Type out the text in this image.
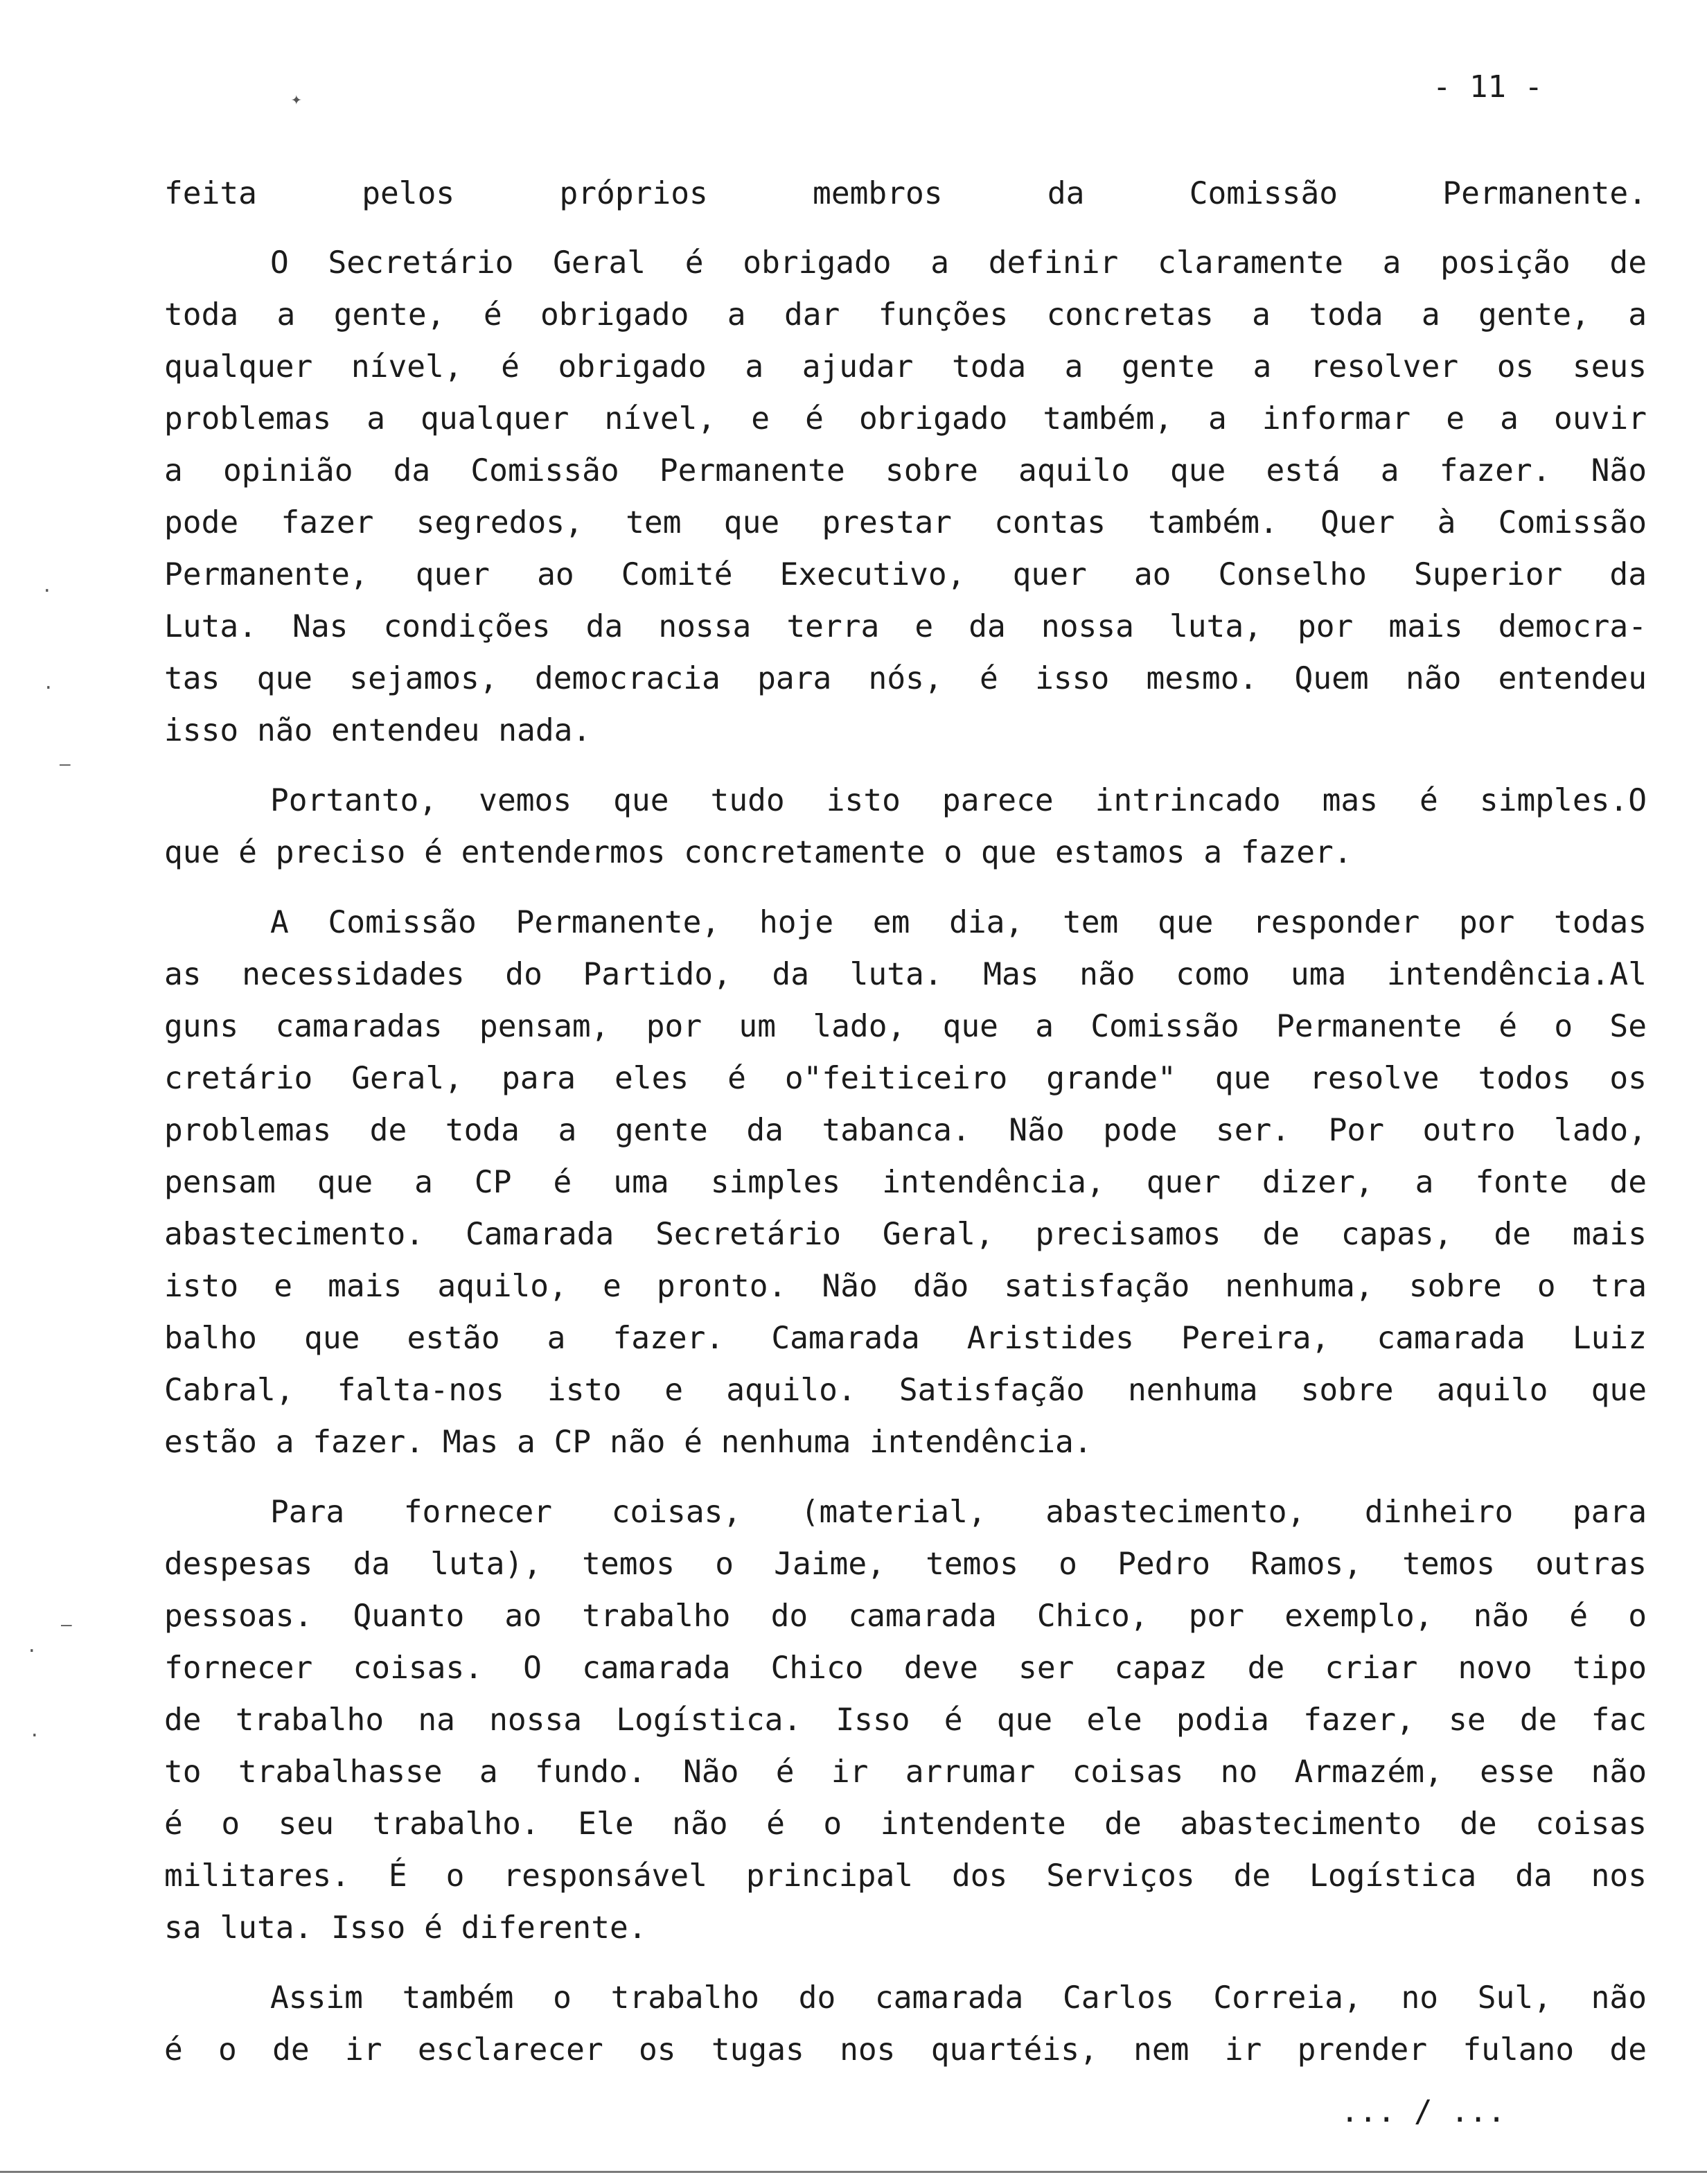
- 11 -
✦
·
·
—
—
·
·
feita pelos próprios membros da Comissão Permanente.
O Secretário Geral é obrigado a definir claramente a posição de
toda a gente, é obrigado a dar funções concretas a toda a gente, a
qualquer nível, é obrigado a ajudar toda a gente a resolver os seus
problemas a qualquer nível, e é obrigado também, a informar e a ouvir
a opinião da Comissão Permanente sobre aquilo que está a fazer. Não
pode fazer segredos, tem que prestar contas também. Quer à Comissão
Permanente, quer ao Comité Executivo, quer ao Conselho Superior da
Luta. Nas condições da nossa terra e da nossa luta, por mais democra-
tas que sejamos, democracia para nós, é isso mesmo. Quem não entendeu
isso não entendeu nada.
Portanto, vemos que tudo isto parece intrincado mas é simples.O
que é preciso é entendermos concretamente o que estamos a fazer.
A Comissão Permanente, hoje em dia, tem que responder por todas
as necessidades do Partido, da luta. Mas não como uma intendência.Al
guns camaradas pensam, por um lado, que a Comissão Permanente é o Se
cretário Geral, para eles é o"feiticeiro grande" que resolve todos os
problemas de toda a gente da tabanca. Não pode ser. Por outro lado,
pensam que a CP é uma simples intendência, quer dizer, a fonte de
abastecimento. Camarada Secretário Geral, precisamos de capas, de mais
isto e mais aquilo, e pronto. Não dão satisfação nenhuma, sobre o tra
balho que estão a fazer. Camarada Aristides Pereira, camarada Luiz
Cabral, falta-nos isto e aquilo. Satisfação nenhuma sobre aquilo que
estão a fazer. Mas a CP não é nenhuma intendência.
Para fornecer coisas, (material, abastecimento, dinheiro para
despesas da luta), temos o Jaime, temos o Pedro Ramos, temos outras
pessoas. Quanto ao trabalho do camarada Chico, por exemplo, não é o
fornecer coisas. O camarada Chico deve ser capaz de criar novo tipo
de trabalho na nossa Logística. Isso é que ele podia fazer, se de fac
to trabalhasse a fundo. Não é ir arrumar coisas no Armazém, esse não
é o seu trabalho. Ele não é o intendente de abastecimento de coisas
militares. É o responsável principal dos Serviços de Logística da nos
sa luta. Isso é diferente.
Assim também o trabalho do camarada Carlos Correia, no Sul, não
é o de ir esclarecer os tugas nos quartéis, nem ir prender fulano de
... / ...
